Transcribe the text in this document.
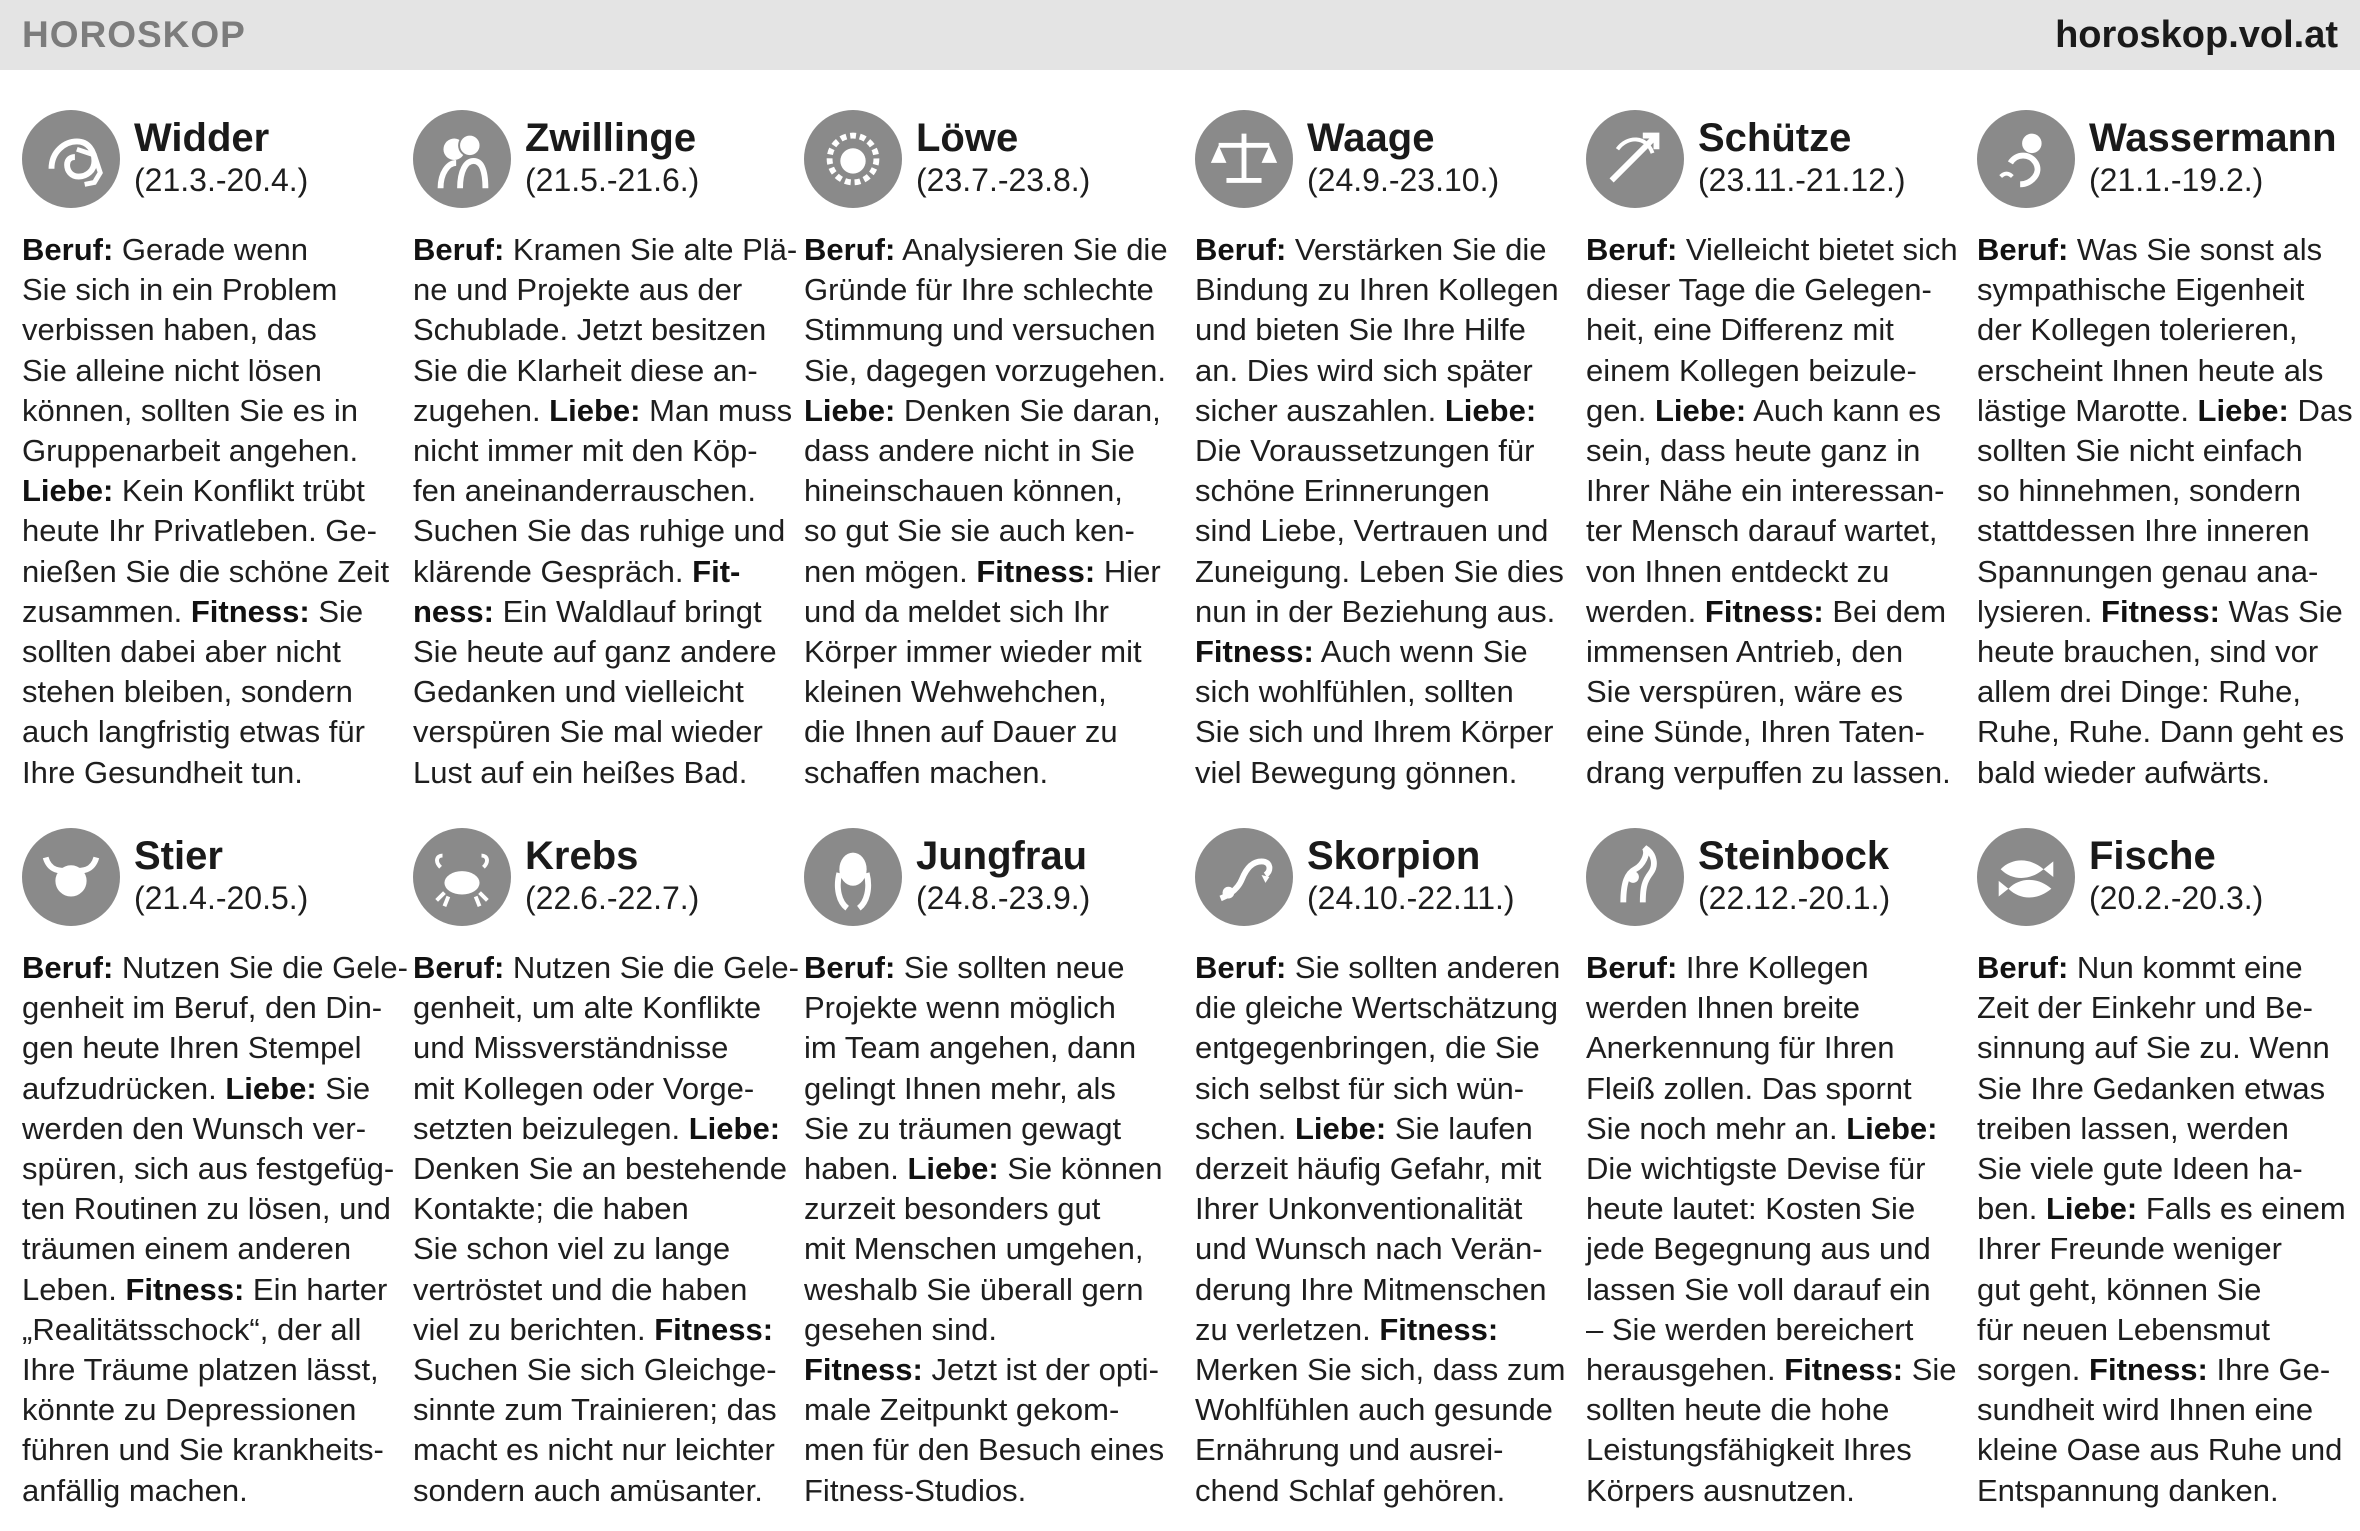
HOROSKOP	horoskop.vol.at
Widder
(21.3.-20.4.)
Beruf: Gerade wenn
Sie sich in ein Problem
verbissen haben, das
Sie alleine nicht lösen
können, sollten Sie es in
Gruppenarbeit angehen.
Liebe: Kein Konflikt trübt
heute Ihr Privatleben. Ge-
nießen Sie die schöne Zeit
zusammen. Fitness: Sie
sollten dabei aber nicht
stehen bleiben, sondern
auch langfristig etwas für
Ihre Gesundheit tun.
Zwillinge
(21.5.-21.6.)
Beruf: Kramen Sie alte Plä-
ne und Projekte aus der
Schublade. Jetzt besitzen
Sie die Klarheit diese an-
zugehen. Liebe: Man muss
nicht immer mit den Köp-
fen aneinanderrauschen.
Suchen Sie das ruhige und
klärende Gespräch. Fit-
ness: Ein Waldlauf bringt
Sie heute auf ganz andere
Gedanken und vielleicht
verspüren Sie mal wieder
Lust auf ein heißes Bad.
Löwe
(23.7.-23.8.)
Beruf: Analysieren Sie die
Gründe für Ihre schlechte
Stimmung und versuchen
Sie, dagegen vorzugehen.
Liebe: Denken Sie daran,
dass andere nicht in Sie
hineinschauen können,
so gut Sie sie auch ken-
nen mögen. Fitness: Hier
und da meldet sich Ihr
Körper immer wieder mit
kleinen Wehwehchen,
die Ihnen auf Dauer zu
schaffen machen.
Waage
(24.9.-23.10.)
Beruf: Verstärken Sie die
Bindung zu Ihren Kollegen
und bieten Sie Ihre Hilfe
an. Dies wird sich später
sicher auszahlen. Liebe:
Die Voraussetzungen für
schöne Erinnerungen
sind Liebe, Vertrauen und
Zuneigung. Leben Sie dies
nun in der Beziehung aus.
Fitness: Auch wenn Sie
sich wohlfühlen, sollten
Sie sich und Ihrem Körper
viel Bewegung gönnen.
Schütze
(23.11.-21.12.)
Beruf: Vielleicht bietet sich
dieser Tage die Gelegen-
heit, eine Differenz mit
einem Kollegen beizule-
gen. Liebe: Auch kann es
sein, dass heute ganz in
Ihrer Nähe ein interessan-
ter Mensch darauf wartet,
von Ihnen entdeckt zu
werden. Fitness: Bei dem
immensen Antrieb, den
Sie verspüren, wäre es
eine Sünde, Ihren Taten-
drang verpuffen zu lassen.
Wassermann
(21.1.-19.2.)
Beruf: Was Sie sonst als
sympathische Eigenheit
der Kollegen tolerieren,
erscheint Ihnen heute als
lästige Marotte. Liebe: Das
sollten Sie nicht einfach
so hinnehmen, sondern
stattdessen Ihre inneren
Spannungen genau ana-
lysieren. Fitness: Was Sie
heute brauchen, sind vor
allem drei Dinge: Ruhe,
Ruhe, Ruhe. Dann geht es
bald wieder aufwärts.
Stier
(21.4.-20.5.)
Beruf: Nutzen Sie die Gele-
genheit im Beruf, den Din-
gen heute Ihren Stempel
aufzudrücken. Liebe: Sie
werden den Wunsch ver-
spüren, sich aus festgefüg-
ten Routinen zu lösen, und
träumen einem anderen
Leben. Fitness: Ein harter
„Realitätsschock“, der all
Ihre Träume platzen lässt,
könnte zu Depressionen
führen und Sie krankheits-
anfällig machen.
Krebs
(22.6.-22.7.)
Beruf: Nutzen Sie die Gele-
genheit, um alte Konflikte
und Missverständnisse
mit Kollegen oder Vorge-
setzten beizulegen. Liebe:
Denken Sie an bestehende
Kontakte; die haben
Sie schon viel zu lange
vertröstet und die haben
viel zu berichten. Fitness:
Suchen Sie sich Gleichge-
sinnte zum Trainieren; das
macht es nicht nur leichter
sondern auch amüsanter.
Jungfrau
(24.8.-23.9.)
Beruf: Sie sollten neue
Projekte wenn möglich
im Team angehen, dann
gelingt Ihnen mehr, als
Sie zu träumen gewagt
haben. Liebe: Sie können
zurzeit besonders gut
mit Menschen umgehen,
weshalb Sie überall gern
gesehen sind.
Fitness: Jetzt ist der opti-
male Zeitpunkt gekom-
men für den Besuch eines
Fitness-Studios.
Skorpion
(24.10.-22.11.)
Beruf: Sie sollten anderen
die gleiche Wertschätzung
entgegenbringen, die Sie
sich selbst für sich wün-
schen. Liebe: Sie laufen
derzeit häufig Gefahr, mit
Ihrer Unkonventionalität
und Wunsch nach Verän-
derung Ihre Mitmenschen
zu verletzen. Fitness:
Merken Sie sich, dass zum
Wohlfühlen auch gesunde
Ernährung und ausrei-
chend Schlaf gehören.
Steinbock
(22.12.-20.1.)
Beruf: Ihre Kollegen
werden Ihnen breite
Anerkennung für Ihren
Fleiß zollen. Das spornt
Sie noch mehr an. Liebe:
Die wichtigste Devise für
heute lautet: Kosten Sie
jede Begegnung aus und
lassen Sie voll darauf ein
– Sie werden bereichert
herausgehen. Fitness: Sie
sollten heute die hohe
Leistungsfähigkeit Ihres
Körpers ausnutzen.
Fische
(20.2.-20.3.)
Beruf: Nun kommt eine
Zeit der Einkehr und Be-
sinnung auf Sie zu. Wenn
Sie Ihre Gedanken etwas
treiben lassen, werden
Sie viele gute Ideen ha-
ben. Liebe: Falls es einem
Ihrer Freunde weniger
gut geht, können Sie
für neuen Lebensmut
sorgen. Fitness: Ihre Ge-
sundheit wird Ihnen eine
kleine Oase aus Ruhe und
Entspannung danken.
